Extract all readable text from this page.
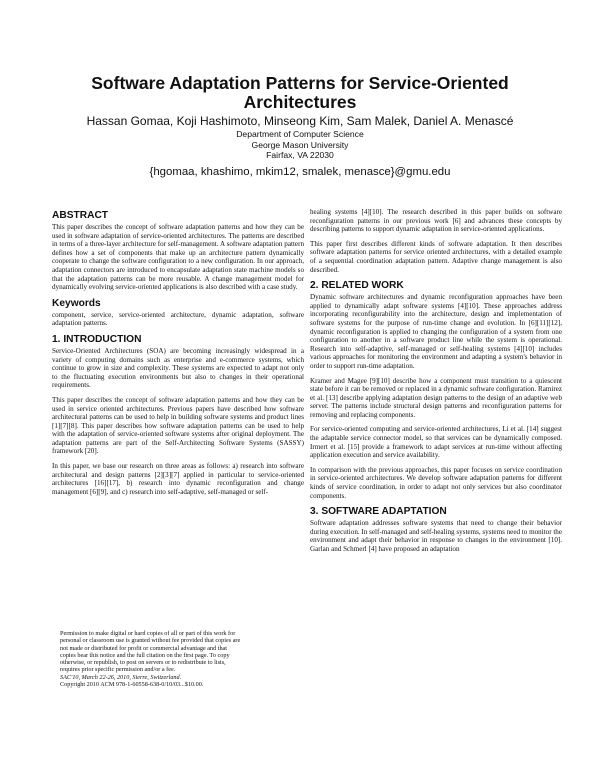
Software Adaptation Patterns for Service-Oriented
Architectures
Hassan Gomaa, Koji Hashimoto, Minseong Kim, Sam Malek, Daniel A. Menascé
Department of Computer Science
George Mason University
Fairfax, VA 22030
{hgomaa, khashimo, mkim12, smalek, menasce}@gmu.edu
ABSTRACT

This paper describes the concept of software adaptation patterns and how they can be used in software adaptation of service-oriented architectures. The patterns are described in terms of a three-layer architecture for self-management. A software adaptation pattern defines how a set of components that make up an architecture pattern dynamically cooperate to change the software configuration to a new configuration. In our approach, adaptation connectors are introduced to encapsulate adaptation state machine models so that the adaptation patterns can be more reusable. A change management model for dynamically evolving service-oriented applications is also described with a case study.

Keywords

component, service, service-oriented architecture, dynamic adaptation, software adaptation patterns.

1. INTRODUCTION

Service-Oriented Architectures (SOA) are becoming increasingly widespread in a variety of computing domains such as enterprise and e-commerce systems, which continue to grow in size and complexity. These systems are expected to adapt not only to the fluctuating execution environments but also to changes in their operational requirements.

This paper describes the concept of software adaptation patterns and how they can be used in service oriented architectures. Previous papers have described how software architectural patterns can be used to help in building software systems and product lines [1][7][8]. This paper describes how software adaptation patterns can be used to help with the adaptation of service-oriented software systems after original deployment. The adaptation patterns are part of the Self-Architecting Software Systems (SASSY) framework [20].

In this paper, we base our research on three areas as follows: a) research into software architectural and design patterns [2][3][7] applied in particular to service-oriented architectures [16][17], b) research into dynamic reconfiguration and change management [6][9], and c) research into self-adaptive, self-managed or self-

Permission to make digital or hard copies of all or part of this work for
personal or classroom use is granted without fee provided that copies are
not made or distributed for profit or commercial advantage and that
copies bear this notice and the full citation on the first page. To copy
otherwise, or republish, to post on servers or to redistribute to lists,
requires prior specific permission and/or a fee.
SAC'10, March 22-26, 2010, Sierre, Switzerland.
Copyright 2010 ACM 978-1-60558-638-0/10/03...$10.00.

healing systems [4][10]. The research described in this paper builds on software reconfiguration patterns in our previous work [6] and advances these concepts by describing patterns to support dynamic adaptation in service-oriented applications.

This paper first describes different kinds of software adaptation. It then describes software adaptation patterns for service oriented architectures, with a detailed example of a sequential coordination adaptation pattern. Adaptive change management is also described.

2. RELATED WORK

Dynamic software architectures and dynamic reconfiguration approaches have been applied to dynamically adapt software systems [4][10]. These approaches address incorporating reconfigurability into the architecture, design and implementation of software systems for the purpose of run-time change and evolution. In [6][11][12], dynamic reconfiguration is applied to changing the configuration of a system from one configuration to another in a software product line while the system is operational. Research into self-adaptive, self-managed or self-healing systems [4][10] includes various approaches for monitoring the environment and adapting a system's behavior in order to support run-time adaptation.

Kramer and Magee [9][10] describe how a component must transition to a quiescent state before it can be removed or replaced in a dynamic software configuration. Ramirez et al. [13] describe applying adaptation design patterns to the design of an adaptive web server. The patterns include structural design patterns and reconfiguration patterns for removing and replacing components.

For service-oriented computing and service-oriented architectures, Li et al. [14] suggest the adaptable service connector model, so that services can be dynamically composed. Irmert et al. [15] provide a framework to adapt services at run-time without affecting application execution and service availability.

In comparison with the previous approaches, this paper focuses on service coordination in service-oriented architectures. We develop software adaptation patterns for different kinds of service coordination, in order to adapt not only services but also coordinator components.

3. SOFTWARE ADAPTATION

Software adaptation addresses software systems that need to change their behavior during execution. In self-managed and self-healing systems, systems need to monitor the environment and adapt their behavior in response to changes in the environment [10]. Garlan and Schmerl [4] have proposed an adaptation
